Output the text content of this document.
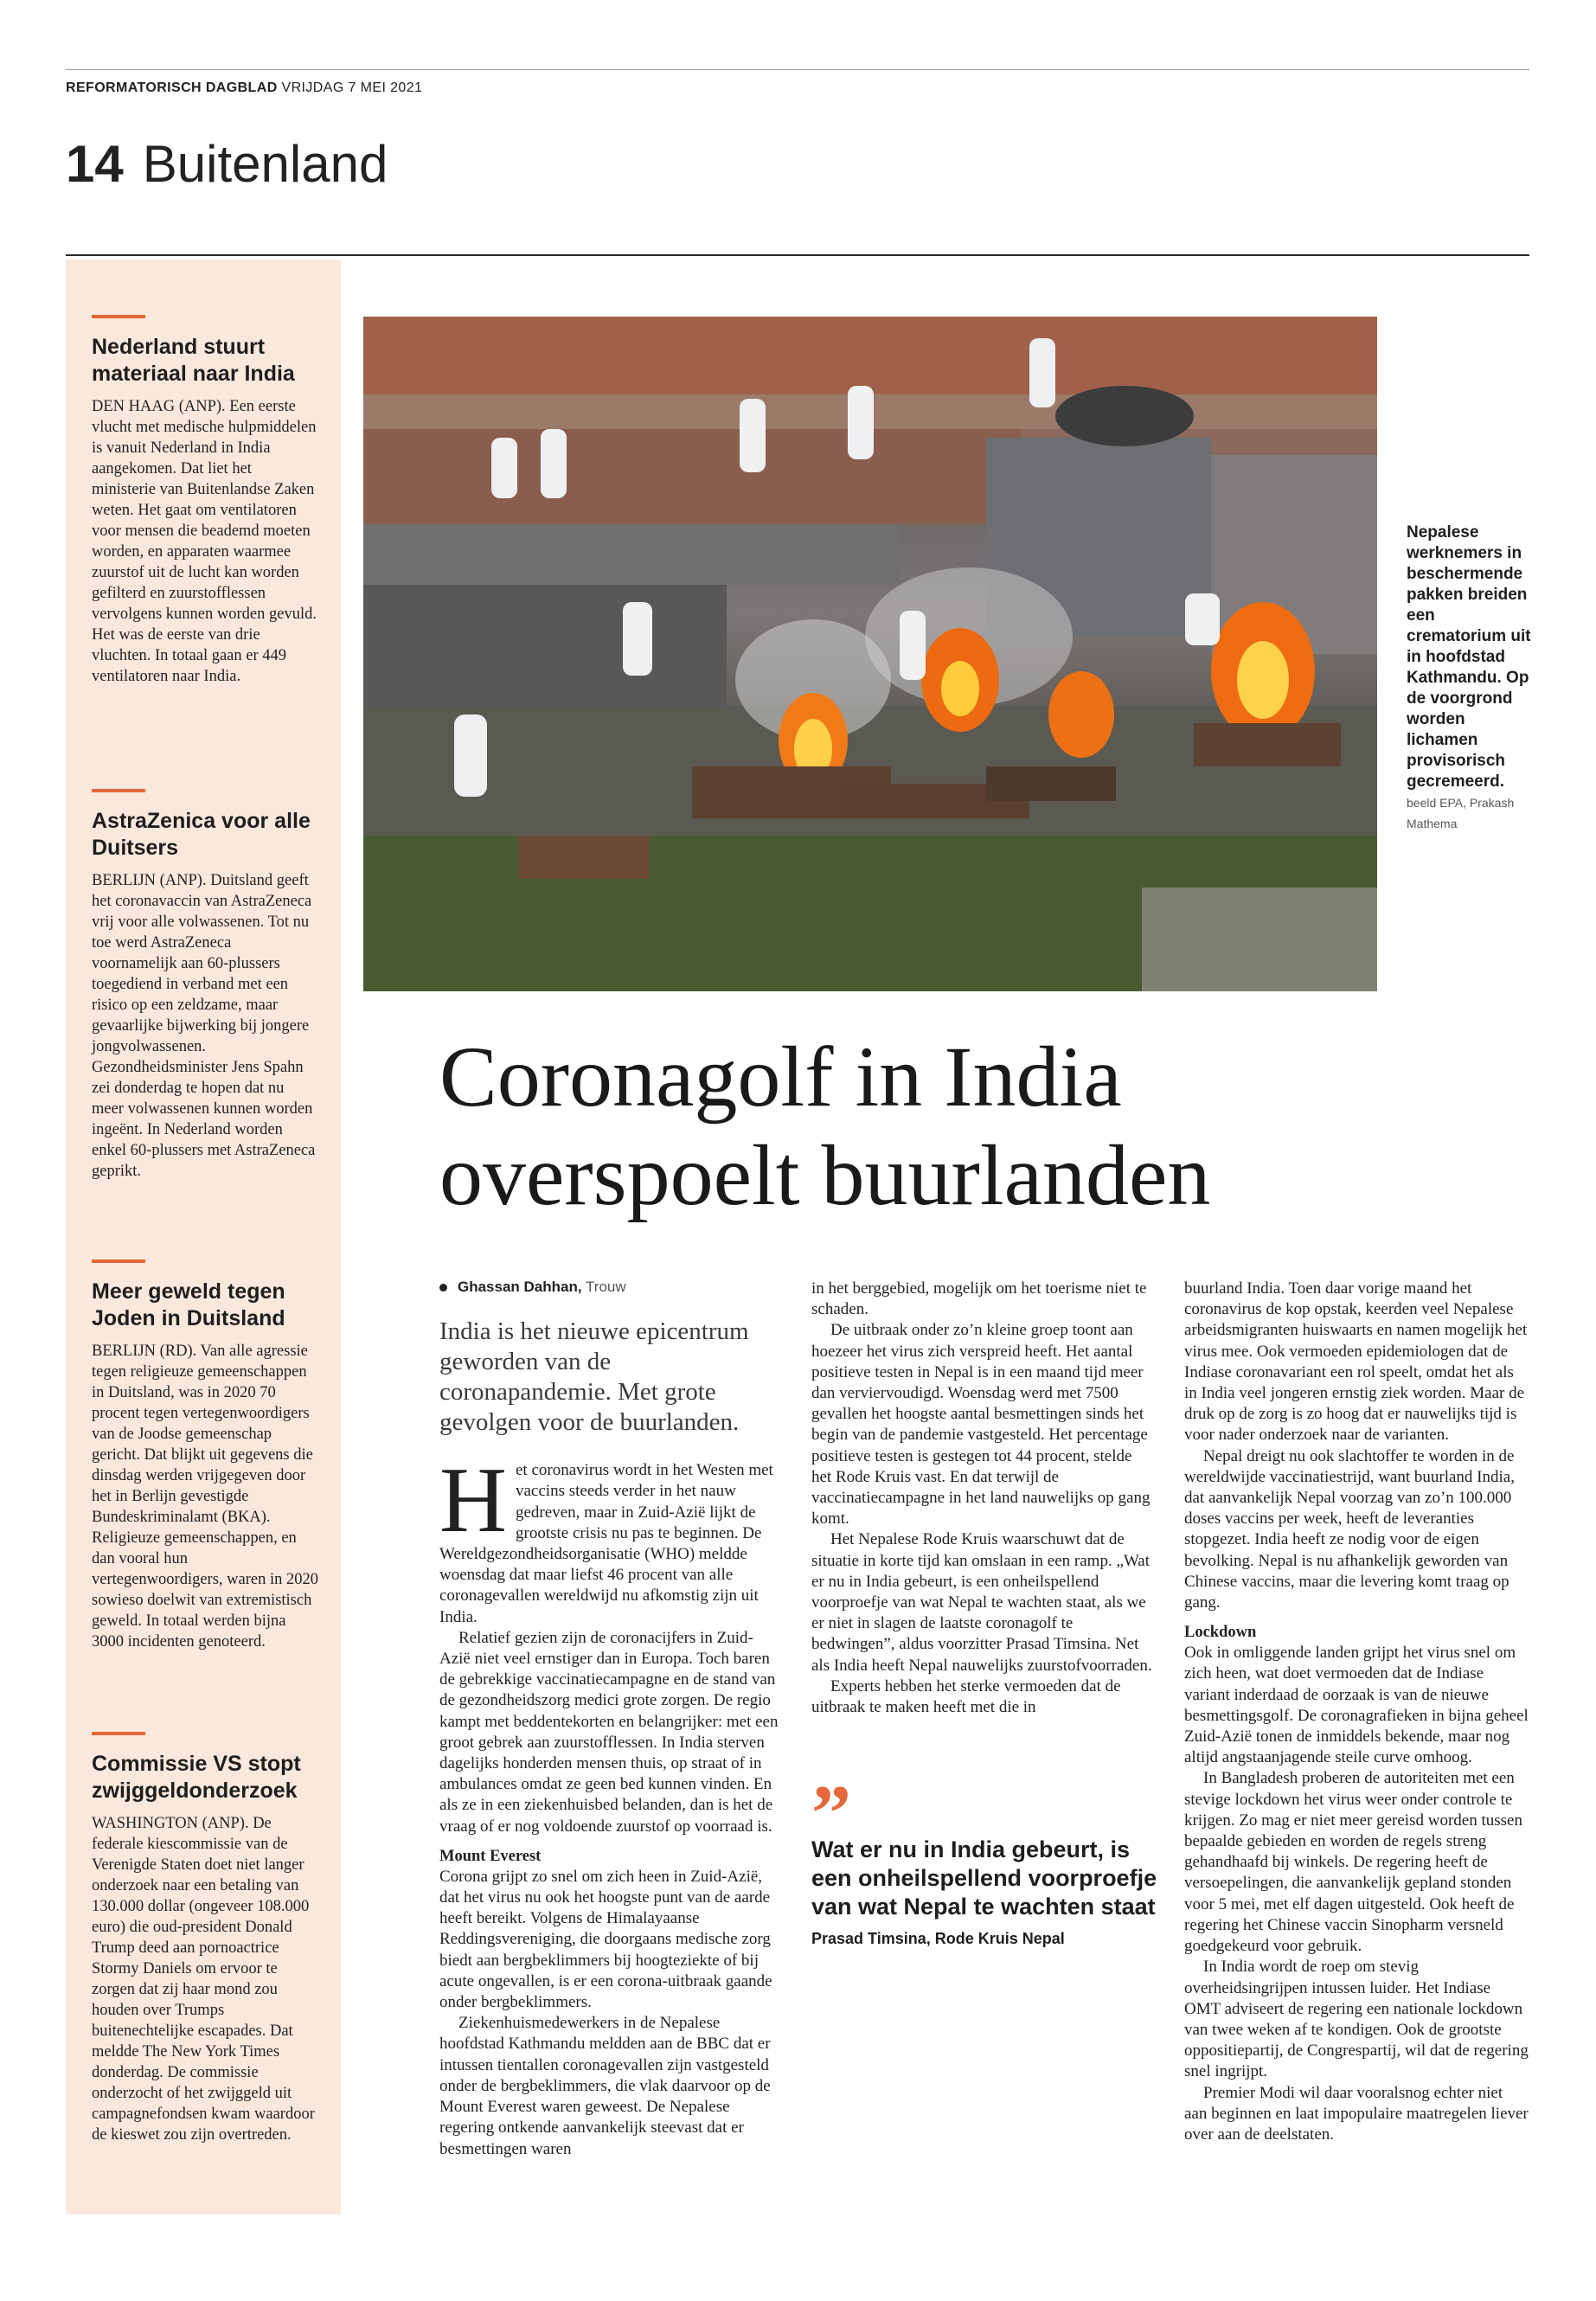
REFORMATORISCH DAGBLAD VRIJDAG 7 MEI 2021
14 Buitenland
Nederland stuurt materiaal naar India

DEN HAAG (ANP). Een eerste vlucht met medische hulpmiddelen is vanuit Nederland in India aangekomen. Dat liet het ministerie van Buitenlandse Zaken weten. Het gaat om ventilatoren voor mensen die beademd moeten worden, en apparaten waarmee zuurstof uit de lucht kan worden gefilterd en zuurstofflessen vervolgens kunnen worden gevuld. Het was de eerste van drie vluchten. In totaal gaan er 449 ventilatoren naar India.

AstraZenica voor alle Duitsers

BERLIJN (ANP). Duitsland geeft het coronavaccin van AstraZeneca vrij voor alle volwassenen. Tot nu toe werd AstraZeneca voornamelijk aan 60-plussers toegediend in verband met een risico op een zeldzame, maar gevaarlijke bijwerking bij jongere jongvolwassenen. Gezondheidsminister Jens Spahn zei donderdag te hopen dat nu meer volwassenen kunnen worden ingeënt. In Nederland worden enkel 60-plussers met AstraZeneca geprikt.

Meer geweld tegen Joden in Duitsland

BERLIJN (RD). Van alle agressie tegen religieuze gemeenschappen in Duitsland, was in 2020 70 procent tegen vertegenwoordigers van de Joodse gemeenschap gericht. Dat blijkt uit gegevens die dinsdag werden vrijgegeven door het in Berlijn gevestigde Bundeskriminalamt (BKA). Religieuze gemeenschappen, en dan vooral hun vertegenwoordigers, waren in 2020 sowieso doelwit van extremistisch geweld. In totaal werden bijna 3000 incidenten genoteerd.

Commissie VS stopt zwijggeldonderzoek

WASHINGTON (ANP). De federale kiescommissie van de Verenigde Staten doet niet langer onderzoek naar een betaling van 130.000 dollar (ongeveer 108.000 euro) die oud-president Donald Trump deed aan pornoactrice Stormy Daniels om ervoor te zorgen dat zij haar mond zou houden over Trumps buitenechtelijke escapades. Dat meldde The New York Times donderdag. De commissie onderzocht of het zwijggeld uit campagnefondsen kwam waardoor de kieswet zou zijn overtreden.

Nepalese werknemers in beschermende pakken breiden een crematorium uit in hoofdstad Kathmandu. Op de voorgrond worden lichamen provisorisch gecremeerd. beeld EPA, Prakash Mathema
Coronagolf in India
overspoelt buurlanden
Ghassan Dahhan, Trouw
India is het nieuwe epicentrum geworden van de coronapandemie. Met grote gevolgen voor de buurlanden.

Het coronavirus wordt in het Westen met vaccins steeds verder in het nauw gedreven, maar in Zuid-Azië lijkt de grootste crisis nu pas te beginnen. De Wereldgezondheidsorganisatie (WHO) meldde woensdag dat maar liefst 46 procent van alle coronagevallen wereldwijd nu afkomstig zijn uit India.

Relatief gezien zijn de coronacijfers in Zuid-Azië niet veel ernstiger dan in Europa. Toch baren de gebrekkige vaccinatiecampagne en de stand van de gezondheidszorg medici grote zorgen. De regio kampt met beddentekorten en belangrijker: met een groot gebrek aan zuurstofflessen. In India sterven dagelijks honderden mensen thuis, op straat of in ambulances omdat ze geen bed kunnen vinden. En als ze in een ziekenhuisbed belanden, dan is het de vraag of er nog voldoende zuurstof op voorraad is.

Mount Everest

Corona grijpt zo snel om zich heen in Zuid-Azië, dat het virus nu ook het hoogste punt van de aarde heeft bereikt. Volgens de Himalayaanse Reddingsvereniging, die doorgaans medische zorg biedt aan bergbeklimmers bij hoogteziekte of bij acute ongevallen, is er een corona-uitbraak gaande onder bergbeklimmers.

Ziekenhuismedewerkers in de Nepalese hoofdstad Kathmandu meldden aan de BBC dat er intussen tientallen coronagevallen zijn vastgesteld onder de bergbeklimmers, die vlak daarvoor op de Mount Everest waren geweest. De Nepalese regering ontkende aanvankelijk steevast dat er besmettingen waren

in het berggebied, mogelijk om het toerisme niet te schaden.

De uitbraak onder zo’n kleine groep toont aan hoezeer het virus zich verspreid heeft. Het aantal positieve testen in Nepal is in een maand tijd meer dan verviervoudigd. Woensdag werd met 7500 gevallen het hoogste aantal besmettingen sinds het begin van de pandemie vastgesteld. Het percentage positieve testen is gestegen tot 44 procent, stelde het Rode Kruis vast. En dat terwijl de vaccinatiecampagne in het land nauwelijks op gang komt.

Het Nepalese Rode Kruis waarschuwt dat de situatie in korte tijd kan omslaan in een ramp. „Wat er nu in India gebeurt, is een onheilspellend voorproefje van wat Nepal te wachten staat, als we er niet in slagen de laatste coronagolf te bedwingen”, aldus voorzitter Prasad Timsina. Net als India heeft Nepal nauwelijks zuurstofvoorraden.

Experts hebben het sterke vermoeden dat de uitbraak te maken heeft met die in

”
Wat er nu in India gebeurt, is een onheilspellend voorproefje van wat Nepal te wachten staat
Prasad Timsina, Rode Kruis Nepal

buurland India. Toen daar vorige maand het coronavirus de kop opstak, keerden veel Nepalese arbeidsmigranten huiswaarts en namen mogelijk het virus mee. Ook vermoeden epidemiologen dat de Indiase coronavariant een rol speelt, omdat het als in India veel jongeren ernstig ziek worden. Maar de druk op de zorg is zo hoog dat er nauwelijks tijd is voor nader onderzoek naar de varianten.

Nepal dreigt nu ook slachtoffer te worden in de wereldwijde vaccinatiestrijd, want buurland India, dat aanvankelijk Nepal voorzag van zo’n 100.000 doses vaccins per week, heeft de leveranties stopgezet. India heeft ze nodig voor de eigen bevolking. Nepal is nu afhankelijk geworden van Chinese vaccins, maar die levering komt traag op gang.

Lockdown

Ook in omliggende landen grijpt het virus snel om zich heen, wat doet vermoeden dat de Indiase variant inderdaad de oorzaak is van de nieuwe besmettingsgolf. De coronagrafieken in bijna geheel Zuid-Azië tonen de inmiddels bekende, maar nog altijd angstaanjagende steile curve omhoog.

In Bangladesh proberen de autoriteiten met een stevige lockdown het virus weer onder controle te krijgen. Zo mag er niet meer gereisd worden tussen bepaalde gebieden en worden de regels streng gehandhaafd bij winkels. De regering heeft de versoepelingen, die aanvankelijk gepland stonden voor 5 mei, met elf dagen uitgesteld. Ook heeft de regering het Chinese vaccin Sinopharm versneld goedgekeurd voor gebruik.

In India wordt de roep om stevig overheidsingrijpen intussen luider. Het Indiase OMT adviseert de regering een nationale lockdown van twee weken af te kondigen. Ook de grootste oppositiepartij, de Congrespartij, wil dat de regering snel ingrijpt.

Premier Modi wil daar vooralsnog echter niet aan beginnen en laat impopulaire maatregelen liever over aan de deelstaten.
